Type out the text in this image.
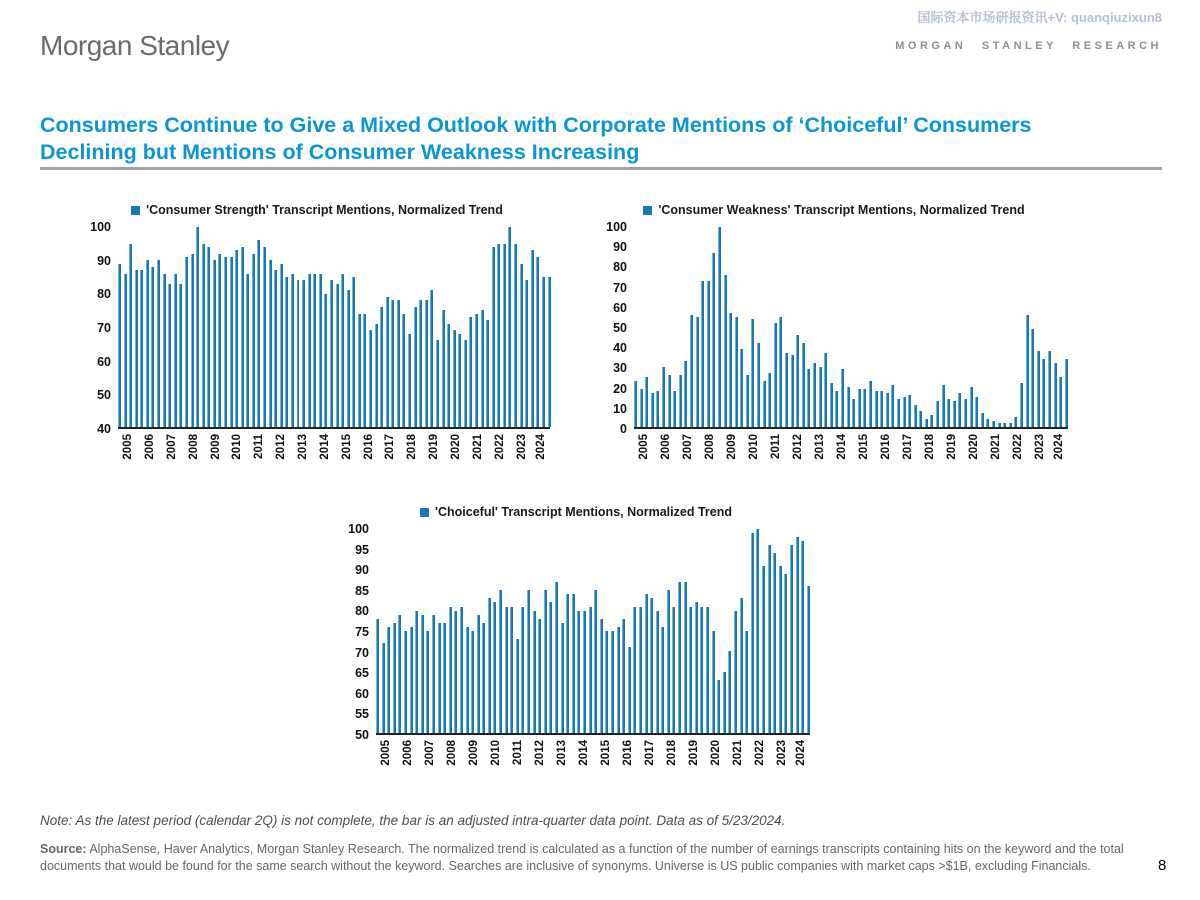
Morgan Stanley
国际资本市场研报资讯+V: quanqiuzixun8
MORGAN STANLEY RESEARCH
Consumers Continue to Give a Mixed Outlook with Corporate Mentions of ‘Choiceful’ Consumers
Declining but Mentions of Consumer Weakness Increasing
'Consumer Strength' Transcript Mentions, Normalized Trend
100
90
80
70
60
50
40
2005 2006 2007 2008 2009 2010 2011 2012 2013 2014 2015 2016 2017 2018 2019 2020 2021 2022 2023 2024
'Consumer Weakness' Transcript Mentions, Normalized Trend
100
90
80
70
60
50
40
30
20
10
0
2005 2006 2007 2008 2009 2010 2011 2012 2013 2014 2015 2016 2017 2018 2019 2020 2021 2022 2023 2024
'Choiceful' Transcript Mentions, Normalized Trend
100
95
90
85
80
75
70
65
60
55
50
2005 2006 2007 2008 2009 2010 2011 2012 2013 2014 2015 2016 2017 2018 2019 2020 2021 2022 2023 2024
Note: As the latest period (calendar 2Q) is not complete, the bar is an adjusted intra-quarter data point. Data as of 5/23/2024.
Source: AlphaSense, Haver Analytics, Morgan Stanley Research. The normalized trend is calculated as a function of the number of earnings transcripts containing hits on the keyword and the total documents that would be found for the same search without the keyword. Searches are inclusive of synonyms. Universe is US public companies with market caps >$1B, excluding Financials.	8
